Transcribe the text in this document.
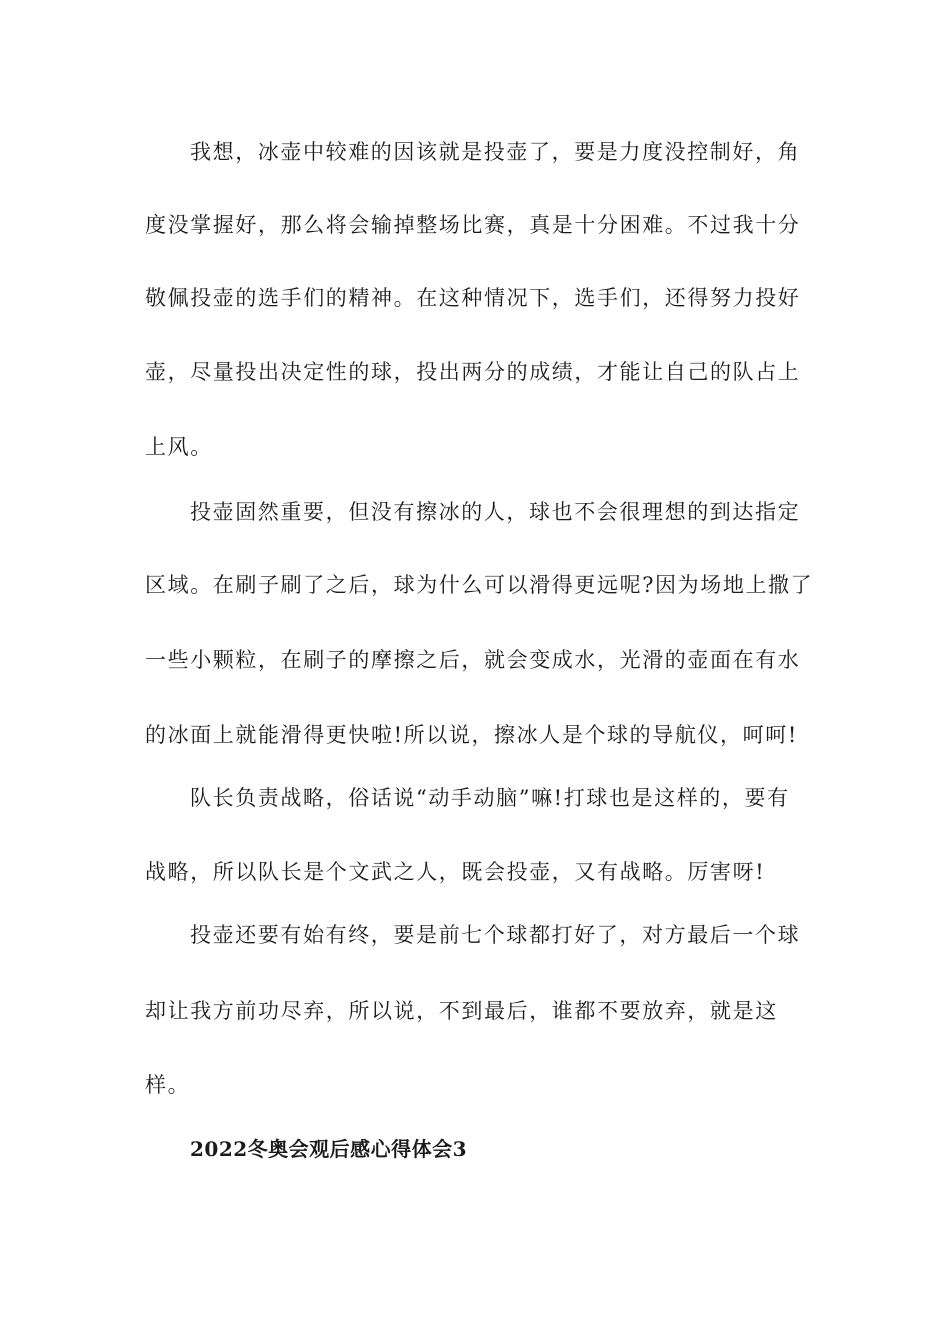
我想，冰壶中较难的因该就是投壶了，要是力度没控制好，角
度没掌握好，那么将会输掉整场比赛，真是十分困难。不过我十分
敬佩投壶的选手们的精神。在这种情况下，选手们，还得努力投好
壶，尽量投出决定性的球，投出两分的成绩，才能让自己的队占上
上风。
投壶固然重要，但没有擦冰的人，球也不会很理想的到达指定
区域。在刷子刷了之后，球为什么可以滑得更远呢?因为场地上撒了
一些小颗粒，在刷子的摩擦之后，就会变成水，光滑的壶面在有水
的冰面上就能滑得更快啦!所以说，擦冰人是个球的导航仪，呵呵!
队长负责战略，俗话说“动手动脑”嘛!打球也是这样的，要有
战略，所以队长是个文武之人，既会投壶，又有战略。厉害呀!
投壶还要有始有终，要是前七个球都打好了，对方最后一个球
却让我方前功尽弃，所以说，不到最后，谁都不要放弃，就是这
样。
2022冬奥会观后感心得体会3
